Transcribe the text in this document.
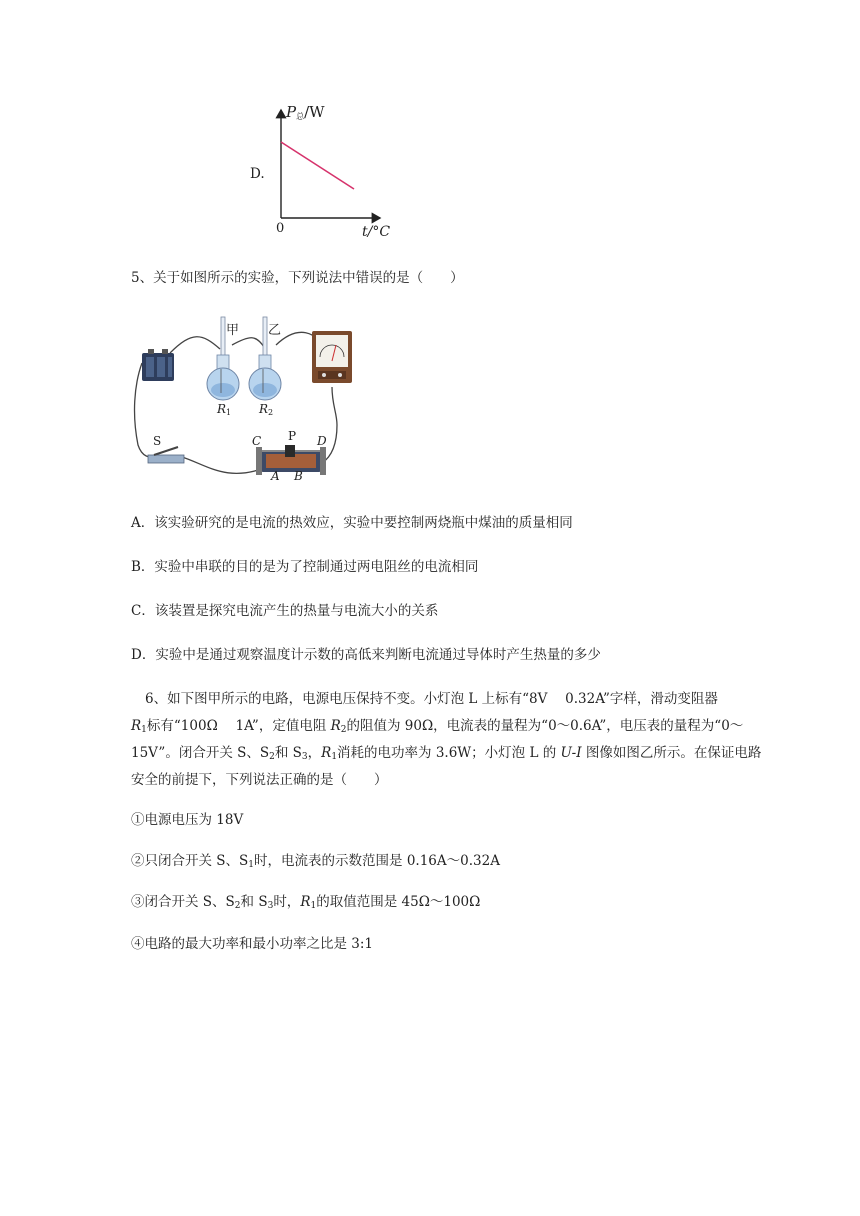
D.
$P_总/W$
0	t/°C
5、关于如图所示的实验，下列说法中错误的是（　　）
甲 乙
$R_1$ $R_2$
S	C P D
A B
A．该实验研究的是电流的热效应，实验中要控制两烧瓶中煤油的质量相同
B．实验中串联的目的是为了控制通过两电阻丝的电流相同
C．该装置是探究电流产生的热量与电流大小的关系
D．实验中是通过观察温度计示数的高低来判断电流通过导体时产生热量的多少
6、如下图甲所示的电路，电源电压保持不变。小灯泡 L 上标有“8V　 0.32A”字样，滑动变阻器
$R_1$标有“100Ω　 1A”，定值电阻 $R_2$的阻值为 90Ω，电流表的量程为“0～0.6A”，电压表的量程为“0～
15V”。闭合开关 S、$S_2$和 $S_3$，$R_1$消耗的电功率为 3.6W；小灯泡 L 的 U-I 图像如图乙所示。在保证电路
安全的前提下，下列说法正确的是（　　）
①电源电压为 18V
②只闭合开关 S、$S_1$时，电流表的示数范围是 0.16A～0.32A
③闭合开关 S、$S_2$和 $S_3$时，$R_1$的取值范围是 45Ω～100Ω
④电路的最大功率和最小功率之比是 3:1
